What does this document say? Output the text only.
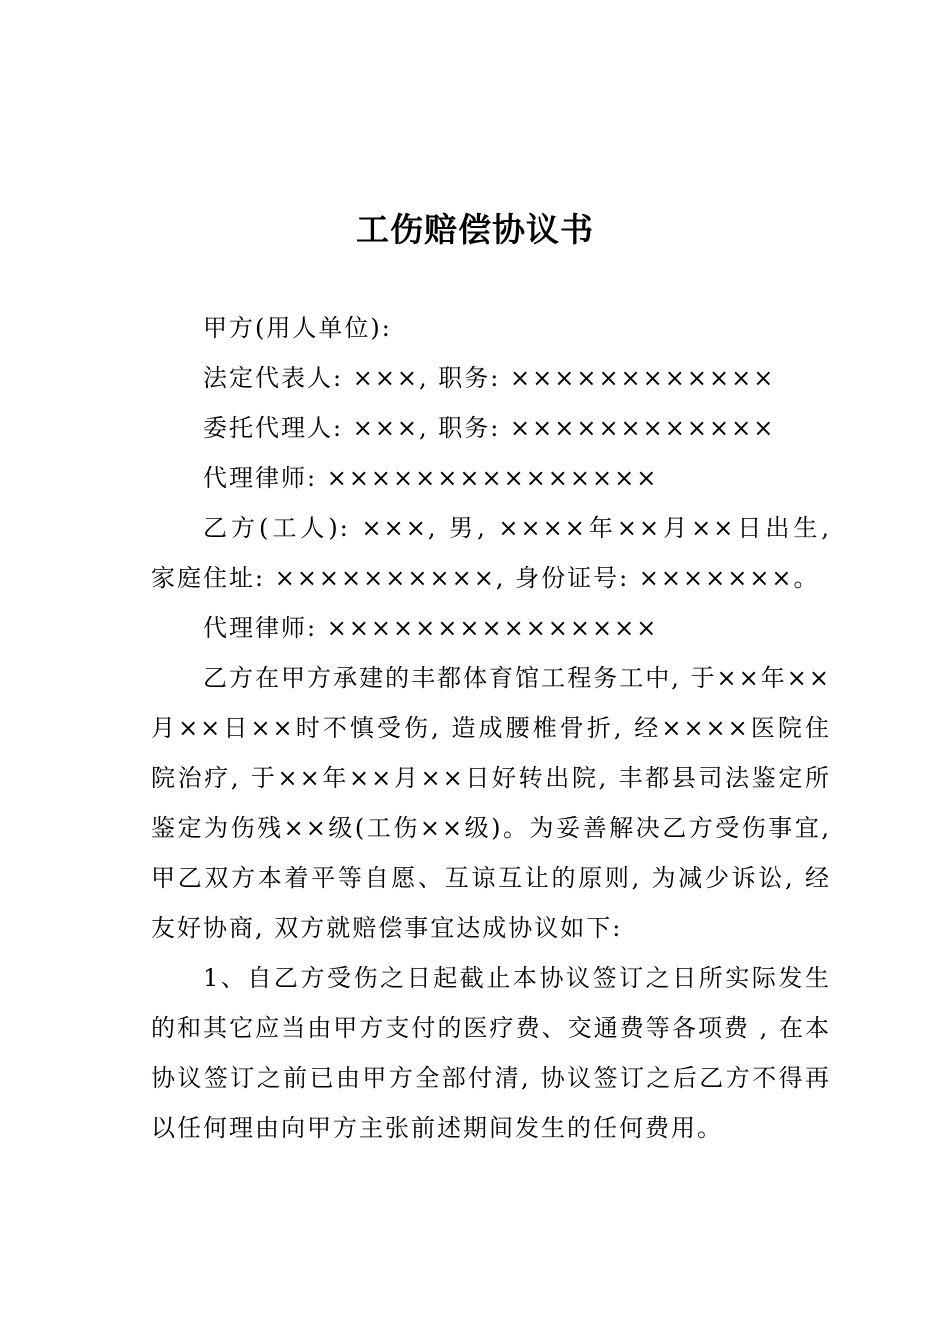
工伤赔偿协议书

甲方(用人单位):

法定代表人: ×××, 职务: ××××××××××××

委托代理人: ×××, 职务: ××××××××××××

代理律师: ×××××××××××××××

乙方(工人): ×××, 男, ××××年××月××日出生, 家庭住址: ××××××××××, 身份证号: ×××××××。

代理律师: ×××××××××××××××

乙方在甲方承建的丰都体育馆工程务工中, 于××年××月××日××时不慎受伤, 造成腰椎骨折, 经××××医院住院治疗, 于××年××月××日好转出院, 丰都县司法鉴定所鉴定为伤残××级(工伤××级)。为妥善解决乙方受伤事宜, 甲乙双方本着平等自愿、互谅互让的原则, 为减少诉讼, 经友好协商, 双方就赔偿事宜达成协议如下:

1、自乙方受伤之日起截止本协议签订之日所实际发生的和其它应当由甲方支付的医疗费、交通费等各项费 , 在本协议签订之前已由甲方全部付清, 协议签订之后乙方不得再以任何理由向甲方主张前述期间发生的任何费用。
